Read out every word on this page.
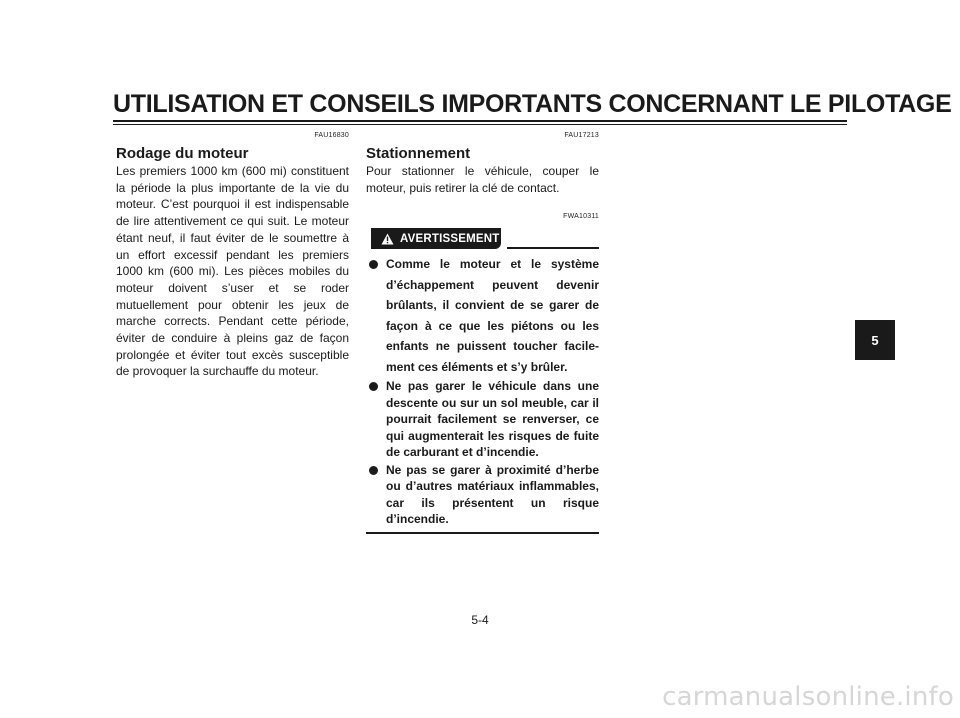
UTILISATION ET CONSEILS IMPORTANTS CONCERNANT LE PILOTAGE
FAU16830
Rodage du moteur

Les premiers 1000 km (600 mi) constituent la période la plus importante de la vie du moteur. C’est pourquoi il est indispensable de lire attentivement ce qui suit. Le moteur étant neuf, il faut éviter de le soumettre à un effort excessif pendant les premiers 1000 km (600 mi). Les pièces mobiles du moteur doivent s’user et se roder mutuellement pour obtenir les jeux de marche corrects. Pendant cette période, éviter de conduire à pleins gaz de façon prolongée et éviter tout excès susceptible de provoquer la surchauffe du moteur.

FAU17213
Stationnement

Pour stationner le véhicule, couper le moteur, puis retirer la clé de contact.

FWA10311
AVERTISSEMENT
Comme le moteur et le système d’échappement peuvent devenir brûlants, il convient de se garer de façon à ce que les piétons ou les enfants ne puissent toucher facilement ces éléments et s’y brûler.
Ne pas garer le véhicule dans une descente ou sur un sol meuble, car il pourrait facilement se renverser, ce qui augmenterait les risques de fuite de carburant et d’incendie.
Ne pas se garer à proximité d’herbe ou d’autres matériaux inflammables, car ils présentent un risque d’incendie.
5
5-4
carmanualsonline.info
